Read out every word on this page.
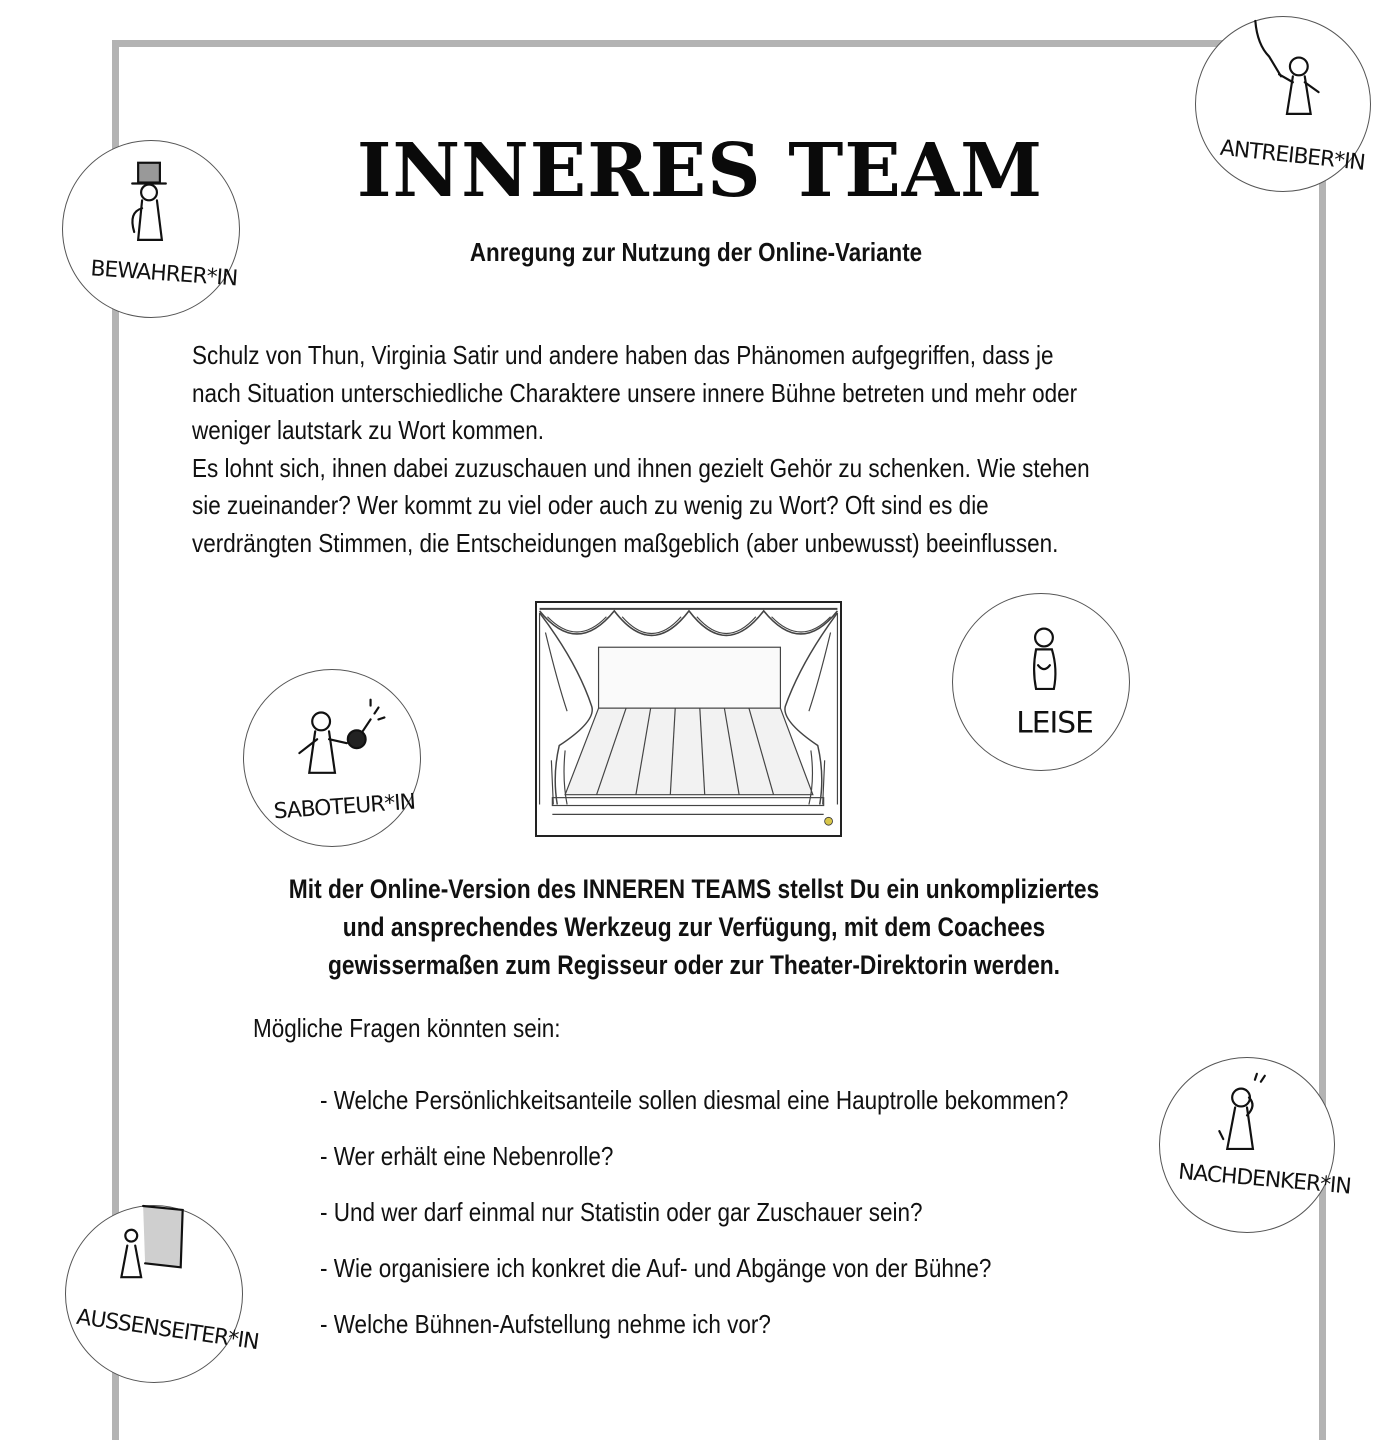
INNERES TEAM
Anregung zur Nutzung der Online-Variante

Schulz von Thun, Virginia Satir und andere haben das Phänomen aufgegriffen, dass je

nach Situation unterschiedliche Charaktere unsere innere Bühne betreten und mehr oder

weniger lautstark zu Wort kommen.

Es lohnt sich, ihnen dabei zuzuschauen und ihnen gezielt Gehör zu schenken. Wie stehen

sie zueinander? Wer kommt zu viel oder auch zu wenig zu Wort? Oft sind es die

verdrängten Stimmen, die Entscheidungen maßgeblich (aber unbewusst) beeinflussen.

Mit der Online-Version des INNEREN TEAMS stellst Du ein unkompliziertes
und ansprechendes Werkzeug zur Verfügung, mit dem Coachees
gewissermaßen zum Regisseur oder zur Theater-Direktorin werden.
Mögliche Fragen könnten sein:
- Welche Persönlichkeitsanteile sollen diesmal eine Hauptrolle bekommen?
- Wer erhält eine Nebenrolle?
- Und wer darf einmal nur Statistin oder gar Zuschauer sein?
- Wie organisiere ich konkret die Auf- und Abgänge von der Bühne?
- Welche Bühnen-Aufstellung nehme ich vor?
BEWAHRER*IN
ANTREIBER*IN
SABOTEUR*IN
LEISE
NACHDENKER*IN
AUSSENSEITER*IN
